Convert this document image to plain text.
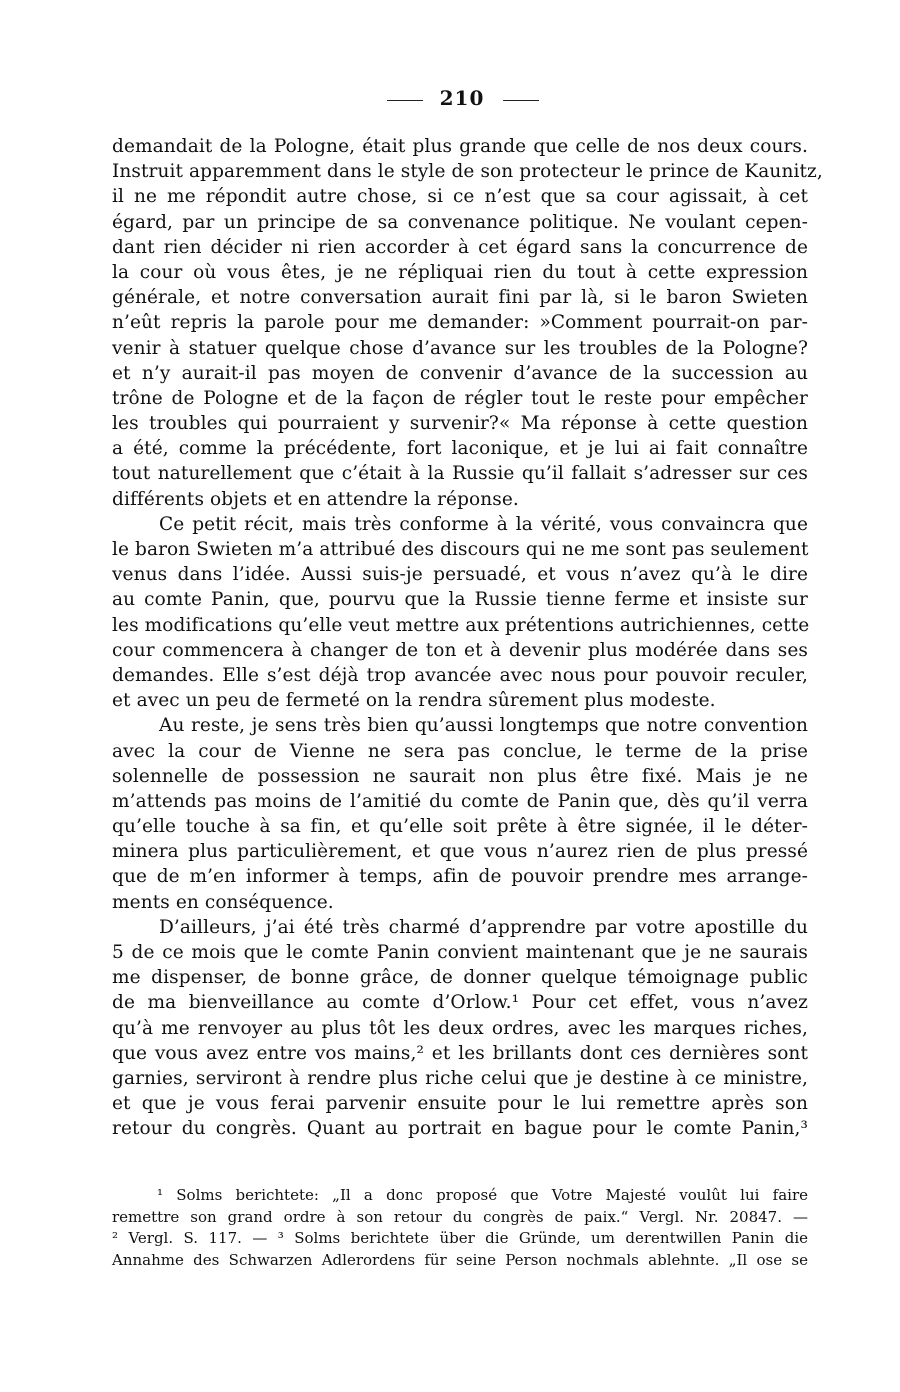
210
demandait de la Pologne, était plus grande que celle de nos deux cours.
Instruit apparemment dans le style de son protecteur le prince de Kaunitz,
il ne me répondit autre chose, si ce n’est que sa cour agissait, à cet
égard, par un principe de sa convenance politique. Ne voulant cepen-
dant rien décider ni rien accorder à cet égard sans la concurrence de
la cour où vous êtes, je ne répliquai rien du tout à cette expression
générale, et notre conversation aurait fini par là, si le baron Swieten
n’eût repris la parole pour me demander: »Comment pourrait-on par-
venir à statuer quelque chose d’avance sur les troubles de la Pologne?
et n’y aurait-il pas moyen de convenir d’avance de la succession au
trône de Pologne et de la façon de régler tout le reste pour empêcher
les troubles qui pourraient y survenir?« Ma réponse à cette question
a été, comme la précédente, fort laconique, et je lui ai fait connaître
tout naturellement que c’était à la Russie qu’il fallait s’adresser sur ces
différents objets et en attendre la réponse.
Ce petit récit, mais très conforme à la vérité, vous convaincra que
le baron Swieten m’a attribué des discours qui ne me sont pas seulement
venus dans l’idée. Aussi suis-je persuadé, et vous n’avez qu’à le dire
au comte Panin, que, pourvu que la Russie tienne ferme et insiste sur
les modifications qu’elle veut mettre aux prétentions autrichiennes, cette
cour commencera à changer de ton et à devenir plus modérée dans ses
demandes. Elle s’est déjà trop avancée avec nous pour pouvoir reculer,
et avec un peu de fermeté on la rendra sûrement plus modeste.
Au reste, je sens très bien qu’aussi longtemps que notre convention
avec la cour de Vienne ne sera pas conclue, le terme de la prise
solennelle de possession ne saurait non plus être fixé. Mais je ne
m’attends pas moins de l’amitié du comte de Panin que, dès qu’il verra
qu’elle touche à sa fin, et qu’elle soit prête à être signée, il le déter-
minera plus particulièrement, et que vous n’aurez rien de plus pressé
que de m’en informer à temps, afin de pouvoir prendre mes arrange-
ments en conséquence.
D’ailleurs, j’ai été très charmé d’apprendre par votre apostille du
5 de ce mois que le comte Panin convient maintenant que je ne saurais
me dispenser, de bonne grâce, de donner quelque témoignage public
de ma bienveillance au comte d’Orlow.¹ Pour cet effet, vous n’avez
qu’à me renvoyer au plus tôt les deux ordres, avec les marques riches,
que vous avez entre vos mains,² et les brillants dont ces dernières sont
garnies, serviront à rendre plus riche celui que je destine à ce ministre,
et que je vous ferai parvenir ensuite pour le lui remettre après son
retour du congrès. Quant au portrait en bague pour le comte Panin,³
¹ Solms berichtete: „Il a donc proposé que Votre Majesté voulût lui faire
remettre son grand ordre à son retour du congrès de paix.“ Vergl. Nr. 20847. —
² Vergl. S. 117. — ³ Solms berichtete über die Gründe, um derentwillen Panin die
Annahme des Schwarzen Adlerordens für seine Person nochmals ablehnte. „Il ose se
